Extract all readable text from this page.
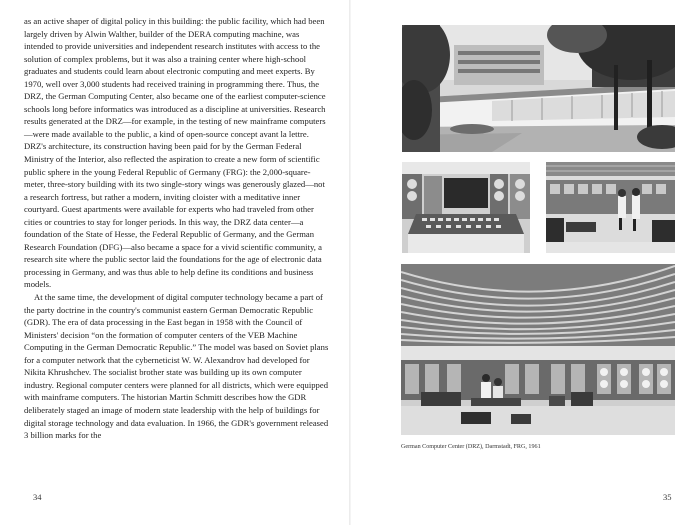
as an active shaper of digital policy in this building: the public facility, which had been largely driven by Alwin Walther, builder of the DERA computing machine, was intended to provide universities and independent research institutes with access to the solution of complex problems, but it was also a training center where high-school graduates and students could learn about electronic computing and meet experts. By 1970, well over 3,000 students had received training in programming there. Thus, the DRZ, the German Computing Center, also became one of the earliest computer-science schools long before informatics was introduced as a discipline at universities. Research results generated at the DRZ—for example, in the testing of new mainframe computers—were made available to the public, a kind of open-source concept avant la lettre. DRZ's architecture, its construction having been paid for by the German Federal Ministry of the Interior, also reflected the aspiration to create a new form of scientific public sphere in the young Federal Republic of Germany (FRG): the 2,000-square-meter, three-story building with its two single-story wings was generously glazed—not a research fortress, but rather a modern, inviting cloister with a meditative inner courtyard. Guest apartments were available for experts who had traveled from other cities or countries to stay for longer periods. In this way, the DRZ data center—a foundation of the State of Hesse, the Federal Republic of Germany, and the German Research Foundation (DFG)—also became a space for a vivid scientific community, a research site where the public sector laid the foundations for the age of electronic data processing in Germany, and was thus able to help define its conditions and business models.

At the same time, the development of digital computer technology became a part of the party doctrine in the country's communist eastern German Democratic Republic (GDR). The era of data processing in the East began in 1958 with the Council of Ministers' decision “on the formation of computer centers of the VEB Machine Computing in the German Democratic Republic.” The model was based on Soviet plans for a computer network that the cyberneticist W. W. Alexandrov had developed for Nikita Khrushchev. The socialist brother state was building up its own computer industry. Regional computer centers were planned for all districts, which were equipped with mainframe computers. The historian Martin Schmitt describes how the GDR deliberately staged an image of modern state leadership with the help of buildings for digital storage technology and data evaluation. In 1966, the GDR's government released 3 billion marks for the

34
German Computer Center (DRZ), Darmstadt, FRG, 1961
35
